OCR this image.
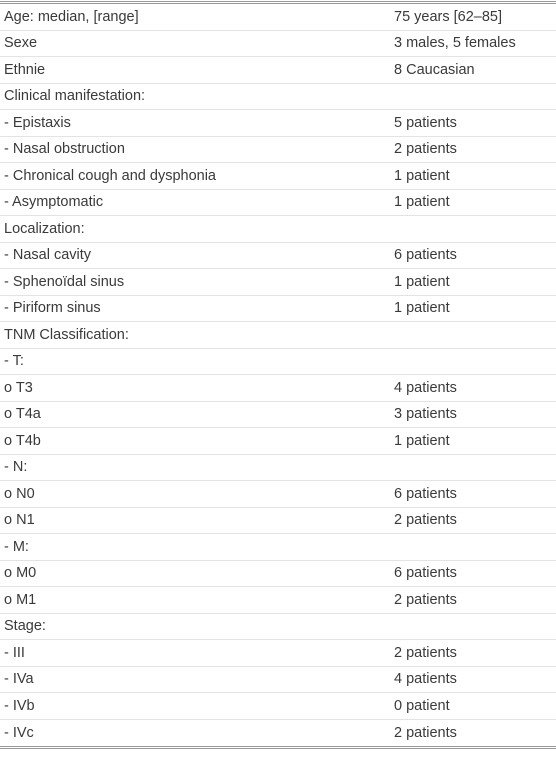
Age: median, [range]	75 years [62–85]
Sexe	3 males, 5 females
Ethnie	8 Caucasian
Clinical manifestation:
- Epistaxis	5 patients
- Nasal obstruction	2 patients
- Chronical cough and dysphonia	1 patient
- Asymptomatic	1 patient
Localization:
- Nasal cavity	6 patients
- Sphenoïdal sinus	1 patient
- Piriform sinus	1 patient
TNM Classification:
- T:
o T3	4 patients
o T4a	3 patients
o T4b	1 patient
- N:
o N0	6 patients
o N1	2 patients
- M:
o M0	6 patients
o M1	2 patients
Stage:
- III	2 patients
- IVa	4 patients
- IVb	0 patient
- IVc	2 patients
